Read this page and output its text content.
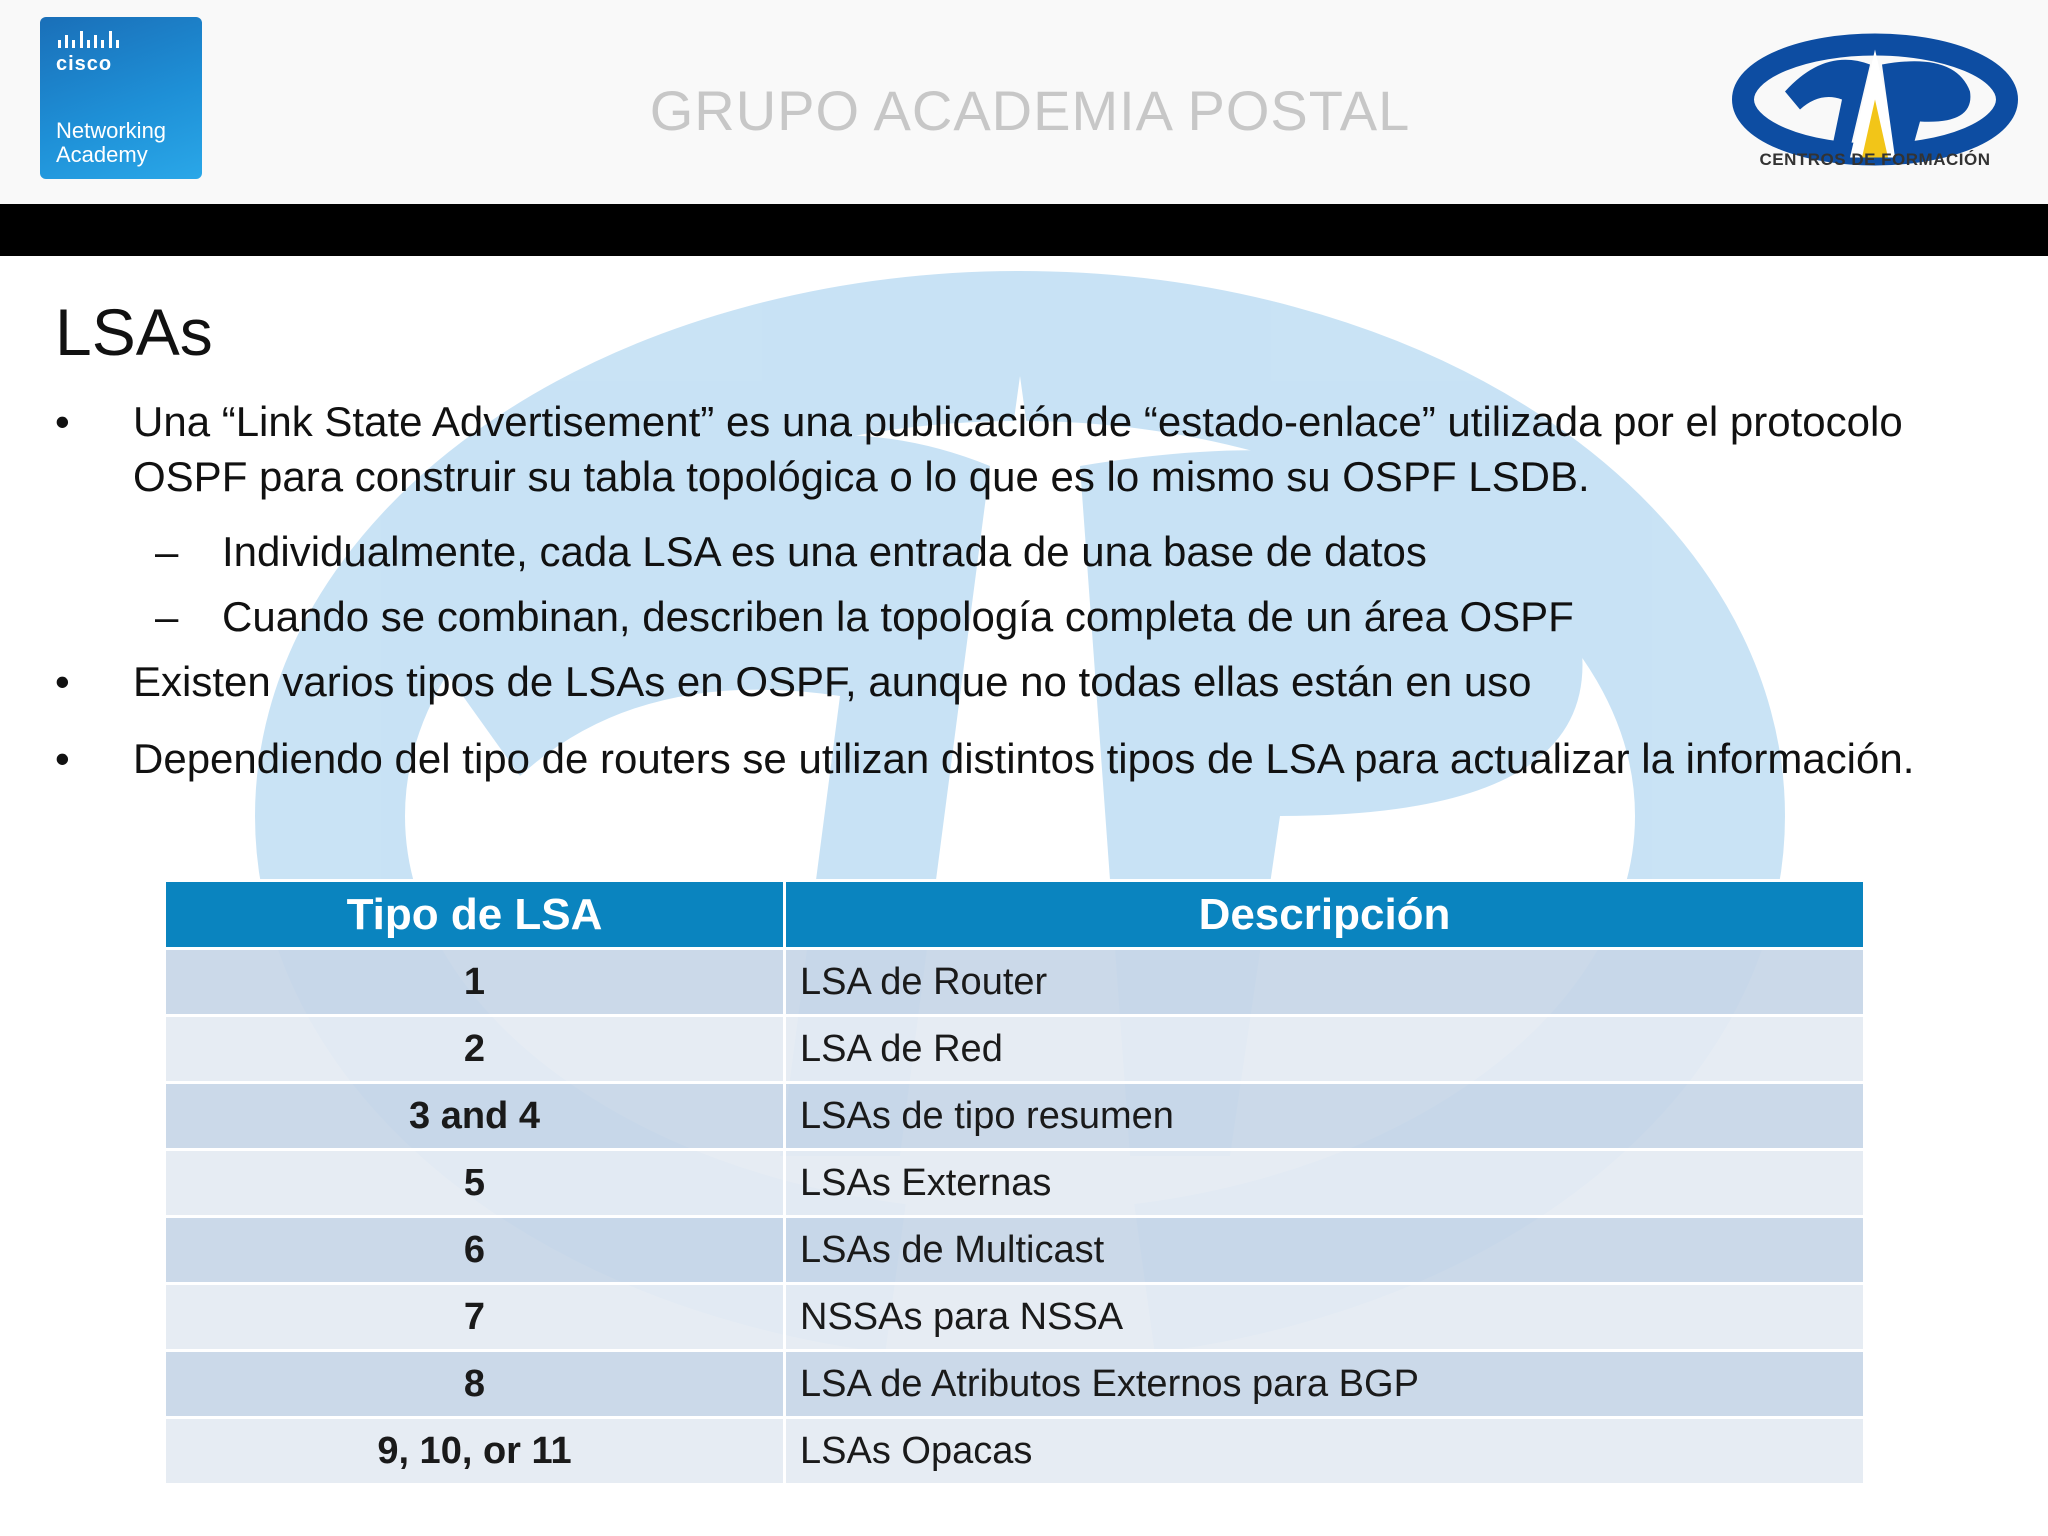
cisco
Networking
Academy
GRUPO ACADEMIA POSTAL
CENTROS DE FORMACIÓN
LSAs
• Una “Link State Advertisement” es una publicación de “estado-enlace” utilizada por el protocolo OSPF para construir su tabla topológica o lo que es lo mismo su OSPF LSDB.
– Individualmente, cada LSA es una entrada de una base de datos
– Cuando se combinan, describen la topología completa de un área OSPF
• Existen varios tipos de LSAs en OSPF, aunque no todas ellas están en uso
• Dependiendo del tipo de routers se utilizan distintos tipos de LSA para actualizar la información.
Tipo de LSA	Descripción
1	LSA de Router
2	LSA de Red
3 and 4	LSAs de tipo resumen
5	LSAs Externas
6	LSAs de Multicast
7	NSSAs para NSSA
8	LSA de Atributos Externos para BGP
9, 10, or 11	LSAs Opacas
